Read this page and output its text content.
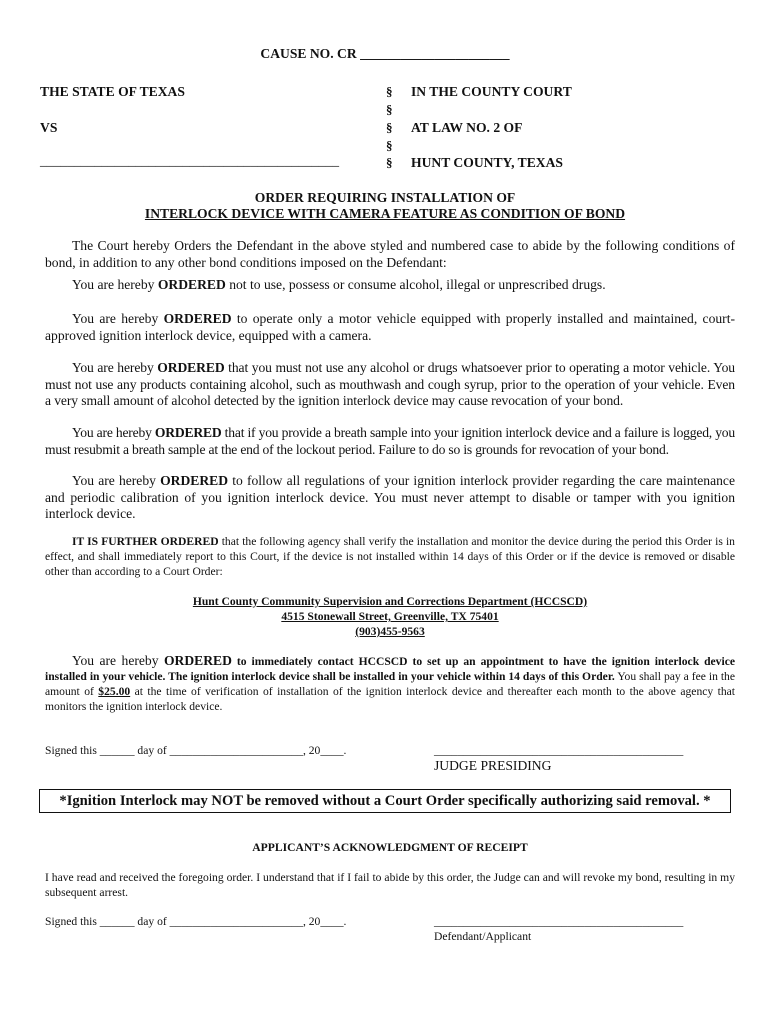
CAUSE NO. CR ______________________
THE STATE OF TEXAS
VS
____________________________________________
§
§
§
§
§
IN THE COUNTY COURT
AT LAW NO. 2 OF
HUNT COUNTY, TEXAS
ORDER REQUIRING INSTALLATION OF
INTERLOCK DEVICE WITH CAMERA FEATURE AS CONDITION OF BOND
The Court hereby Orders the Defendant in the above styled and numbered case to abide by the following conditions of bond, in addition to any other bond conditions imposed on the Defendant:
You are hereby ORDERED not to use, possess or consume alcohol, illegal or unprescribed drugs.
You are hereby ORDERED to operate only a motor vehicle equipped with properly installed and maintained, court-approved ignition interlock device, equipped with a camera.
You are hereby ORDERED that you must not use any alcohol or drugs whatsoever prior to operating a motor vehicle. You must not use any products containing alcohol, such as mouthwash and cough syrup, prior to the operation of your vehicle. Even a very small amount of alcohol detected by the ignition interlock device may cause revocation of your bond.
You are hereby ORDERED that if you provide a breath sample into your ignition interlock device and a failure is logged, you must resubmit a breath sample at the end of the lockout period. Failure to do so is grounds for revocation of your bond.
You are hereby ORDERED to follow all regulations of your ignition interlock provider regarding the care maintenance and periodic calibration of you ignition interlock device. You must never attempt to disable or tamper with you ignition interlock device.
IT IS FURTHER ORDERED that the following agency shall verify the installation and monitor the device during the period this Order is in effect, and shall immediately report to this Court, if the device is not installed within 14 days of this Order or if the device is removed or disable other than according to a Court Order:
Hunt County Community Supervision and Corrections Department (HCCSCD)
4515 Stonewall Street, Greenville, TX 75401
(903)455-9563
You are hereby ORDERED to immediately contact HCCSCD to set up an appointment to have the ignition interlock device installed in your vehicle. The ignition interlock device shall be installed in your vehicle within 14 days of this Order. You shall pay a fee in the amount of $25.00 at the time of verification of installation of the ignition interlock device and thereafter each month to the above agency that monitors the ignition interlock device.
Signed this ______ day of _______________________, 20____.	___________________________________________
JUDGE PRESIDING
*Ignition Interlock may NOT be removed without a Court Order specifically authorizing said removal. *
APPLICANT’S ACKNOWLEDGMENT OF RECEIPT
I have read and received the foregoing order. I understand that if I fail to abide by this order, the Judge can and will revoke my bond, resulting in my subsequent arrest.
Signed this ______ day of _______________________, 20____.	___________________________________________
Defendant/Applicant
